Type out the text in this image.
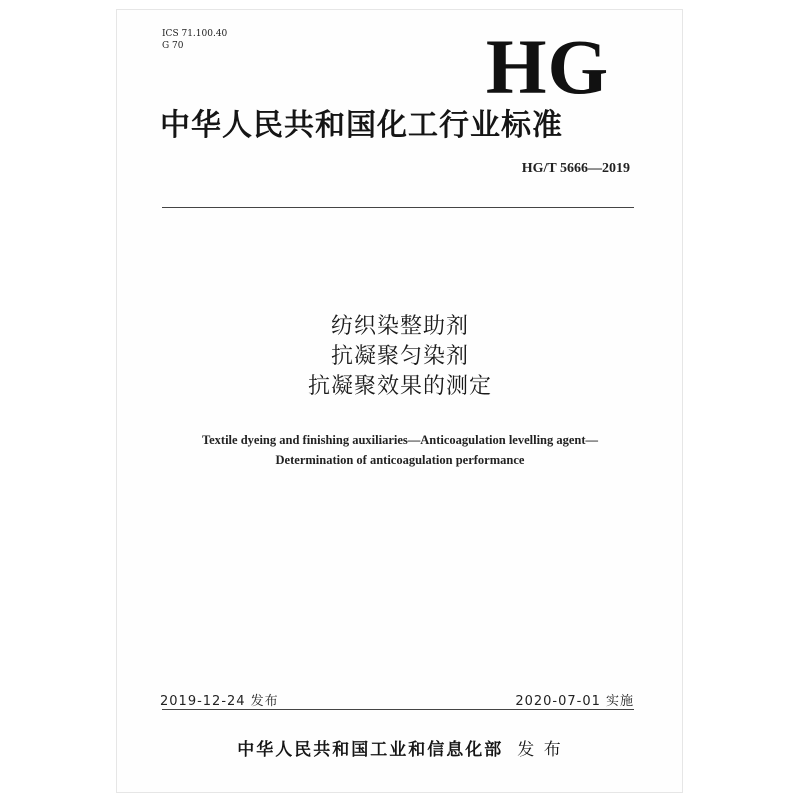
ICS 71.100.40
G 70	HG
中华人民共和国化工行业标准
HG/T 5666—2019
纺织染整助剂
抗凝聚匀染剂
抗凝聚效果的测定
Textile dyeing and finishing auxiliaries—Anticoagulation levelling agent—
Determination of anticoagulation performance
2019-12-24 发布	2020-07-01 实施
中华人民共和国工业和信息化部 发 布
